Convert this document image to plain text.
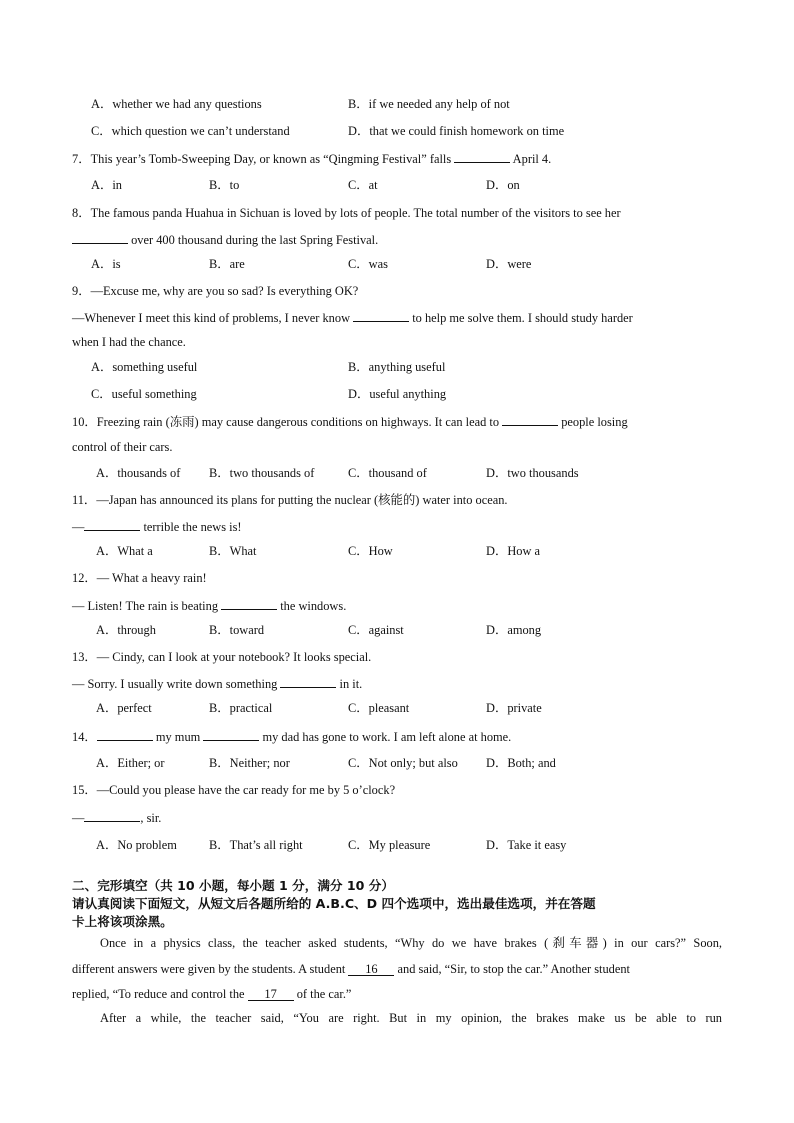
A．whether we had any questions	B．if we needed any help of not
C．which question we can’t understand	D．that we could finish homework on time
7．This year’s Tomb-Sweeping Day, or known as “Qingming Festival” falls	April 4.
A．in	B．to	C．at	D．on
8．The famous panda Huahua in Sichuan is loved by lots of people. The total number of the visitors to see her
over 400 thousand during the last Spring Festival.
A．is	B．are	C．was	D．were
9．—Excuse me, why are you so sad? Is everything OK?
—Whenever I meet this kind of problems, I never know	to help me solve them. I should study harder
when I had the chance.
A．something useful	B．anything useful
C．useful something	D．useful anything
10．Freezing rain (冻雨) may cause dangerous conditions on highways. It can lead to	people losing
control of their cars.
A．thousands of B．two thousands of	C．thousand of	D．two thousands
11．—Japan has announced its plans for putting the nuclear (核能的) water into ocean.
—	terrible the news is!
A．What a	B．What	C．How	D．How a
12．— What a heavy rain!
— Listen! The rain is beating	the windows.
A．through	B．toward	C．against	D．among
13．— Cindy, can I look at your notebook? It looks special.
— Sorry. I usually write down something	in it.
A．perfect	B．practical	C．pleasant	D．private
14．	my mum	my dad has gone to work. I am left alone at home.
A．Either; or	B．Neither; nor	C．Not only; but also D．Both; and
15．—Could you please have the car ready for me by 5 o’clock?
—	, sir.
A．No problem	B．That’s all right	C．My pleasure	D．Take it easy
二、完形填空（共 10 小题，每小题 1 分，满分 10 分）
请认真阅读下面短文，从短文后各题所给的 A.B.C、D 四个选项中，选出最佳选项，并在答题
卡上将该项涂黑。
Once in a physics class, the teacher asked students, “Why do we have brakes (刹车器) in our cars?” Soon,
different answers were given by the students. A student 16 and said, “Sir, to stop the car.” Another student
replied, “To reduce and control the 17 of the car.”
After a while, the teacher said, “You are right. But in my opinion, the brakes make us be able to run
